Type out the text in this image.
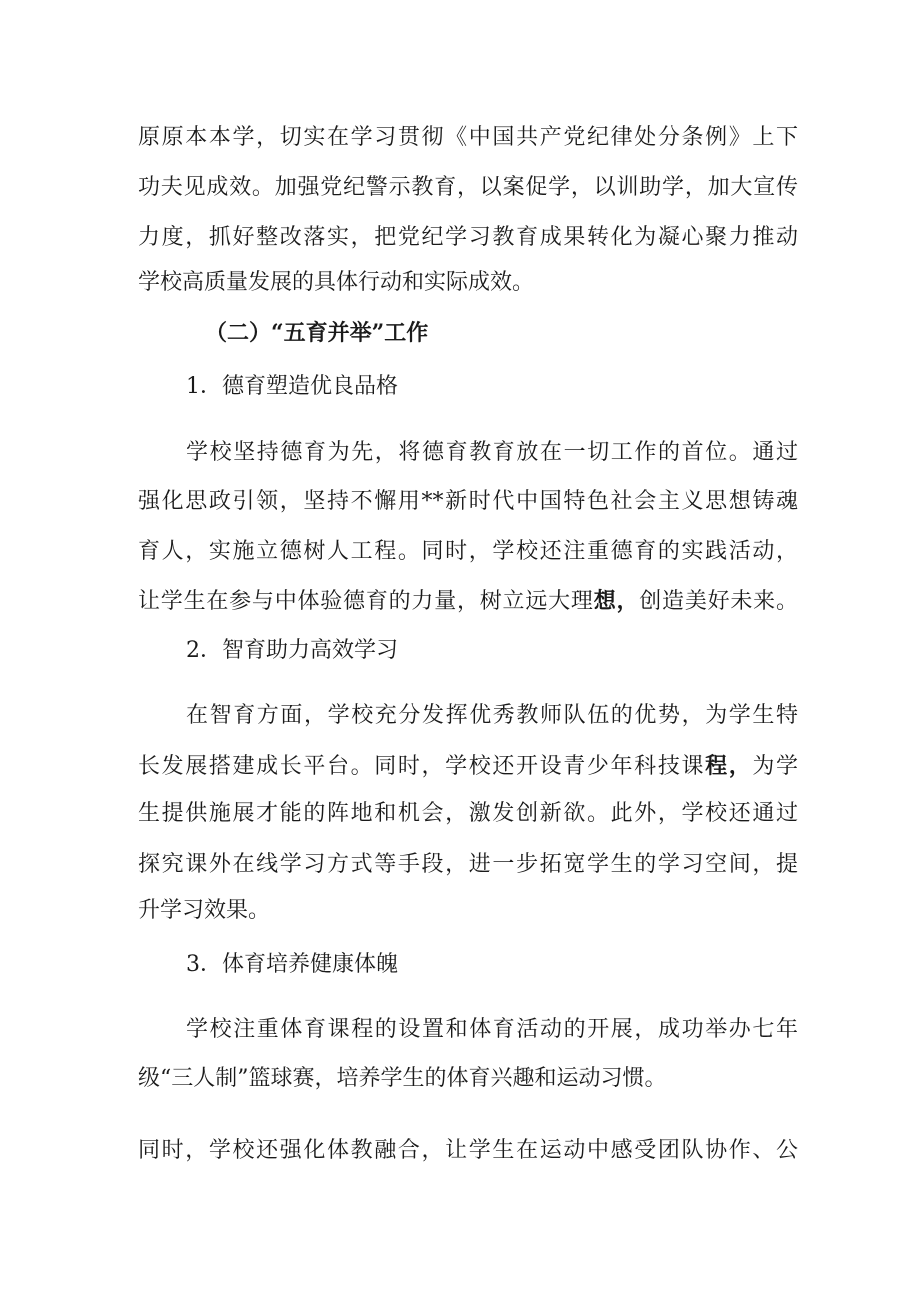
原原本本学，切实在学习贯彻《中国共产党纪律处分条例》上下
功夫见成效。加强党纪警示教育，以案促学，以训助学，加大宣传
力度，抓好整改落实，把党纪学习教育成果转化为凝心聚力推动
学校高质量发展的具体行动和实际成效。
（二）“五育并举”工作
1．德育塑造优良品格
学校坚持德育为先，将德育教育放在一切工作的首位。通过
强化思政引领，坚持不懈用**新时代中国特色社会主义思想铸魂
育人，实施立德树人工程。同时，学校还注重德育的实践活动，
让学生在参与中体验德育的力量，树立远大理想，创造美好未来。
2．智育助力高效学习
在智育方面，学校充分发挥优秀教师队伍的优势，为学生特
长发展搭建成长平台。同时，学校还开设青少年科技课程，为学
生提供施展才能的阵地和机会，激发创新欲。此外，学校还通过
探究课外在线学习方式等手段，进一步拓宽学生的学习空间，提
升学习效果。
3．体育培养健康体魄
学校注重体育课程的设置和体育活动的开展，成功举办七年
级“三人制”篮球赛，培养学生的体育兴趣和运动习惯。
同时，学校还强化体教融合，让学生在运动中感受团队协作、公
